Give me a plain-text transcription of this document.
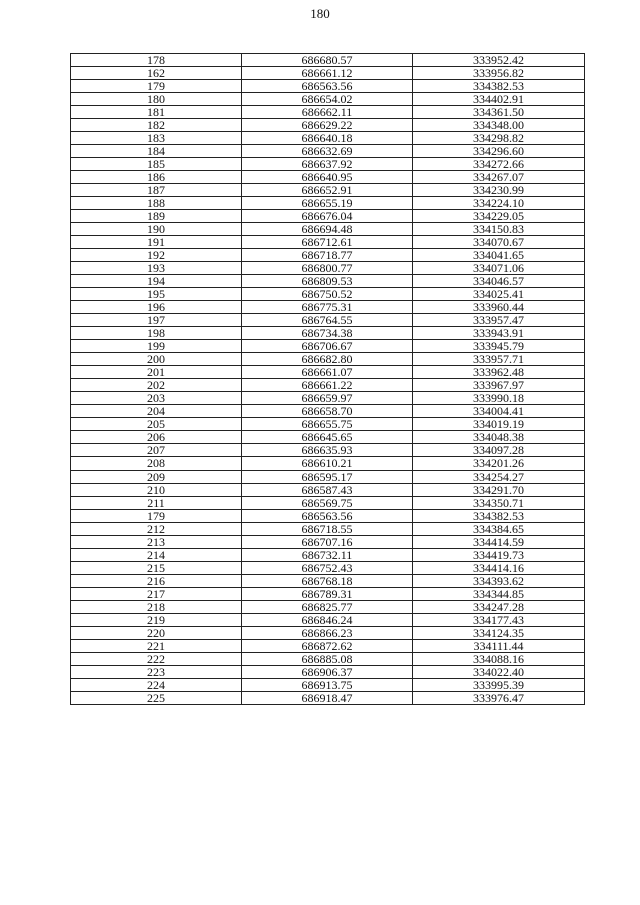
180
178	686680.57	333952.42
162	686661.12	333956.82
179	686563.56	334382.53
180	686654.02	334402.91
181	686662.11	334361.50
182	686629.22	334348.00
183	686640.18	334298.82
184	686632.69	334296.60
185	686637.92	334272.66
186	686640.95	334267.07
187	686652.91	334230.99
188	686655.19	334224.10
189	686676.04	334229.05
190	686694.48	334150.83
191	686712.61	334070.67
192	686718.77	334041.65
193	686800.77	334071.06
194	686809.53	334046.57
195	686750.52	334025.41
196	686775.31	333960.44
197	686764.55	333957.47
198	686734.38	333943.91
199	686706.67	333945.79
200	686682.80	333957.71
201	686661.07	333962.48
202	686661.22	333967.97
203	686659.97	333990.18
204	686658.70	334004.41
205	686655.75	334019.19
206	686645.65	334048.38
207	686635.93	334097.28
208	686610.21	334201.26
209	686595.17	334254.27
210	686587.43	334291.70
211	686569.75	334350.71
179	686563.56	334382.53
212	686718.55	334384.65
213	686707.16	334414.59
214	686732.11	334419.73
215	686752.43	334414.16
216	686768.18	334393.62
217	686789.31	334344.85
218	686825.77	334247.28
219	686846.24	334177.43
220	686866.23	334124.35
221	686872.62	334111.44
222	686885.08	334088.16
223	686906.37	334022.40
224	686913.75	333995.39
225	686918.47	333976.47
